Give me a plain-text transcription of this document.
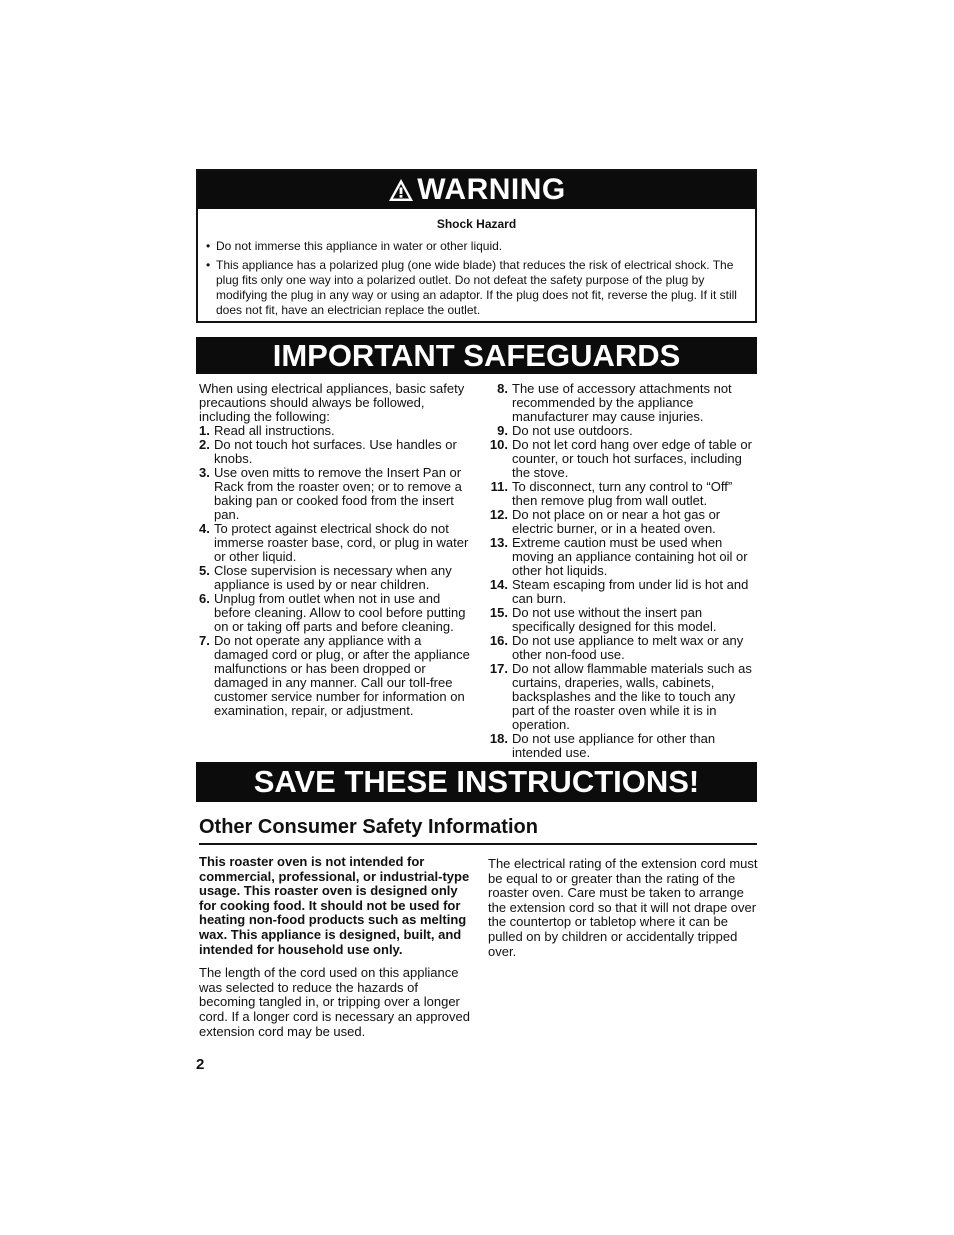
WARNING
Shock Hazard
• Do not immerse this appliance in water or other liquid.
• This appliance has a polarized plug (one wide blade) that reduces the risk of electrical shock. The plug fits only one way into a polarized outlet. Do not defeat the safety purpose of the plug by modifying the plug in any way or using an adaptor. If the plug does not fit, reverse the plug. If it still does not fit, have an electrician replace the outlet.
IMPORTANT SAFEGUARDS
When using electrical appliances, basic safety precautions should always be followed, including the following:
1. Read all instructions.
2. Do not touch hot surfaces. Use handles or knobs.
3. Use oven mitts to remove the Insert Pan or Rack from the roaster oven; or to remove a baking pan or cooked food from the insert pan.
4. To protect against electrical shock do not immerse roaster base, cord, or plug in water or other liquid.
5. Close supervision is necessary when any appliance is used by or near children.
6. Unplug from outlet when not in use and before cleaning. Allow to cool before putting on or taking off parts and before cleaning.
7. Do not operate any appliance with a damaged cord or plug, or after the appliance malfunctions or has been dropped or damaged in any manner. Call our toll-free customer service number for information on examination, repair, or adjustment.
8. The use of accessory attachments not recommended by the appliance manufacturer may cause injuries.
9. Do not use outdoors.
10. Do not let cord hang over edge of table or counter, or touch hot surfaces, including the stove.
11. To disconnect, turn any control to “Off” then remove plug from wall outlet.
12. Do not place on or near a hot gas or electric burner, or in a heated oven.
13. Extreme caution must be used when moving an appliance containing hot oil or other hot liquids.
14. Steam escaping from under lid is hot and can burn.
15. Do not use without the insert pan specifically designed for this model.
16. Do not use appliance to melt wax or any other non-food use.
17. Do not allow flammable materials such as curtains, draperies, walls, cabinets, backsplashes and the like to touch any part of the roaster oven while it is in operation.
18. Do not use appliance for other than intended use.
SAVE THESE INSTRUCTIONS!
Other Consumer Safety Information

This roaster oven is not intended for commercial, professional, or industrial-type usage. This roaster oven is designed only for cooking food. It should not be used for heating non-food products such as melting wax. This appliance is designed, built, and intended for household use only.

The length of the cord used on this appliance was selected to reduce the hazards of becoming tangled in, or tripping over a longer cord. If a longer cord is necessary an approved extension cord may be used.

The electrical rating of the extension cord must be equal to or greater than the rating of the roaster oven. Care must be taken to arrange the extension cord so that it will not drape over the countertop or tabletop where it can be pulled on by children or accidentally tripped over.

2
